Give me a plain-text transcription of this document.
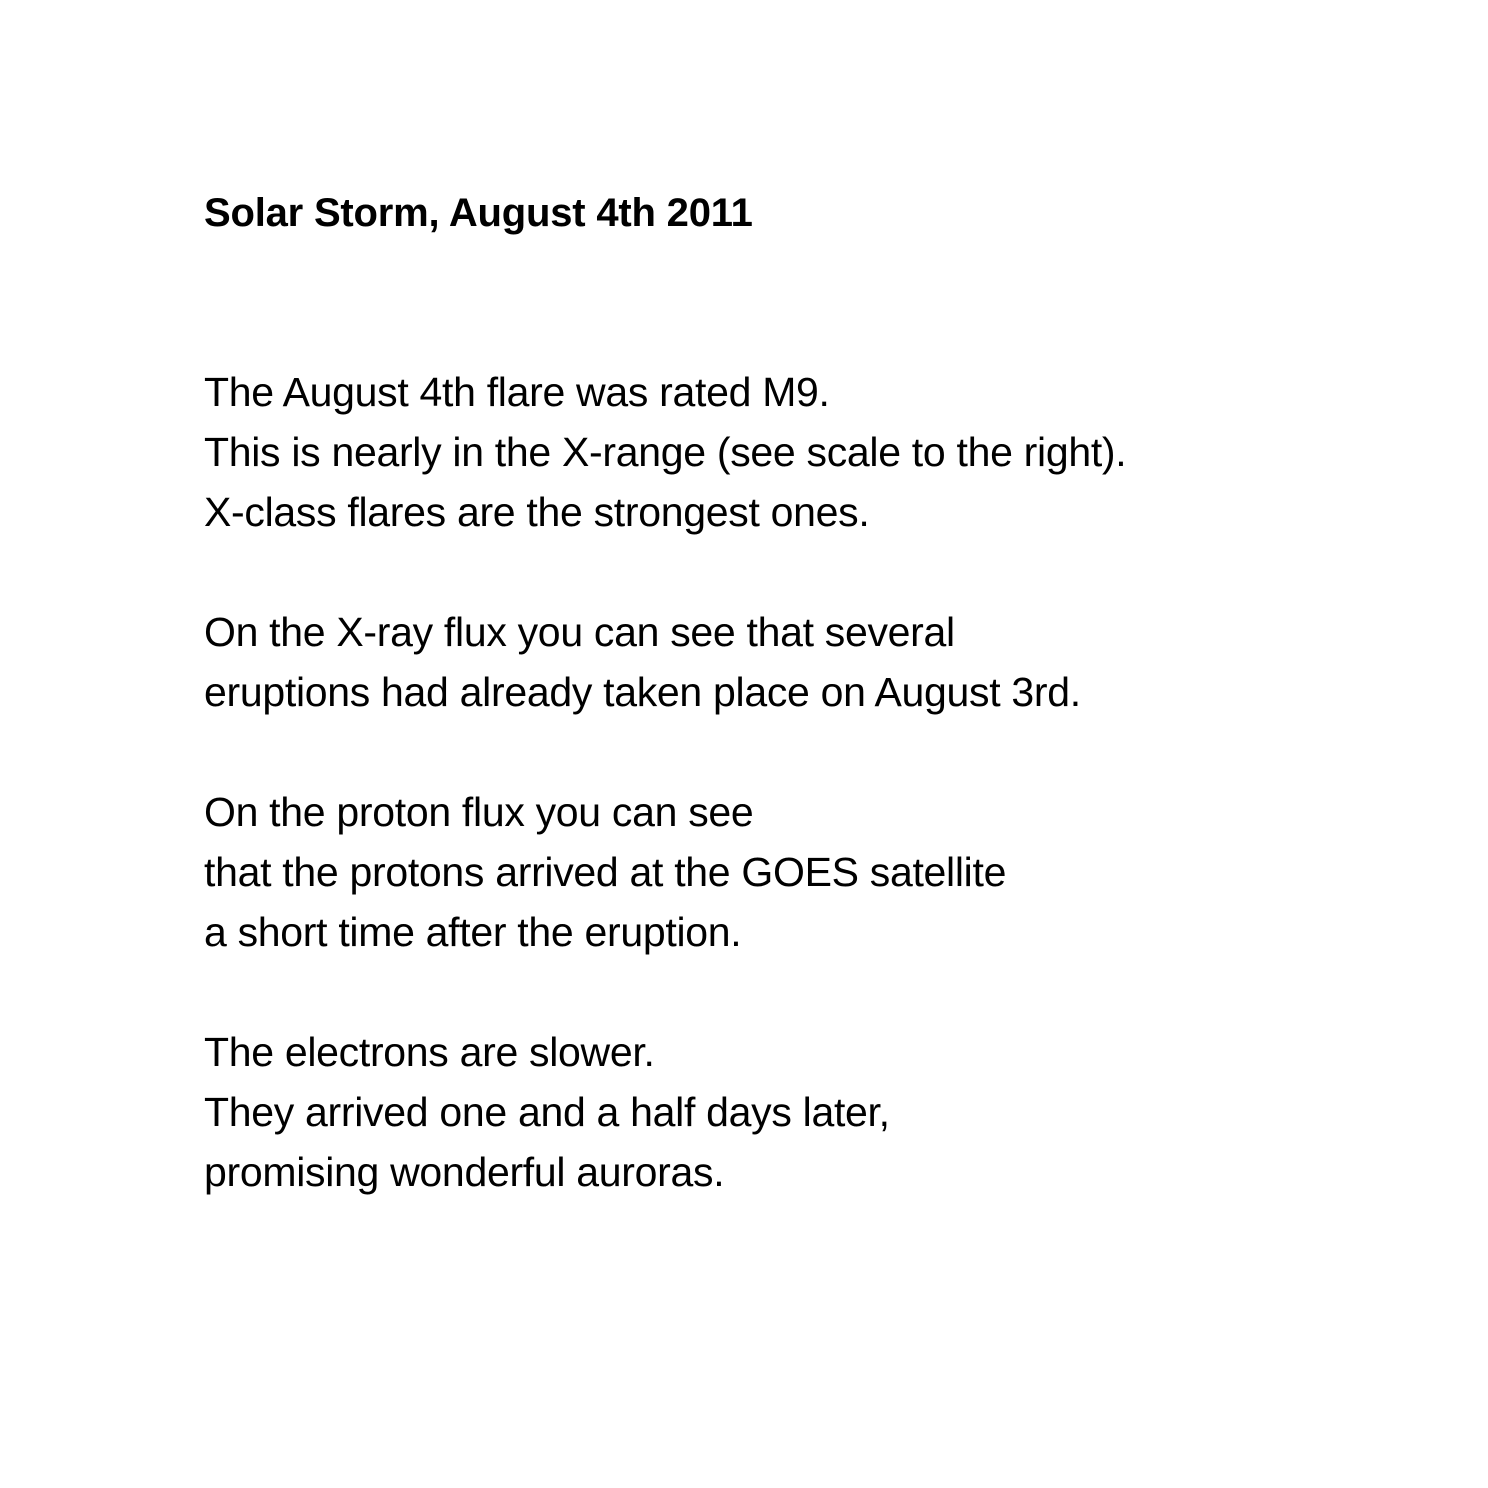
Solar Storm, August 4th 2011

The August 4th flare was rated M9.
This is nearly in the X-range (see scale to the right).
X-class flares are the strongest ones.

On the X-ray flux you can see that several
eruptions had already taken place on August 3rd.

On the proton flux you can see
that the protons arrived at the GOES satellite
a short time after the eruption.

The electrons are slower.
They arrived one and a half days later,
promising wonderful auroras.
